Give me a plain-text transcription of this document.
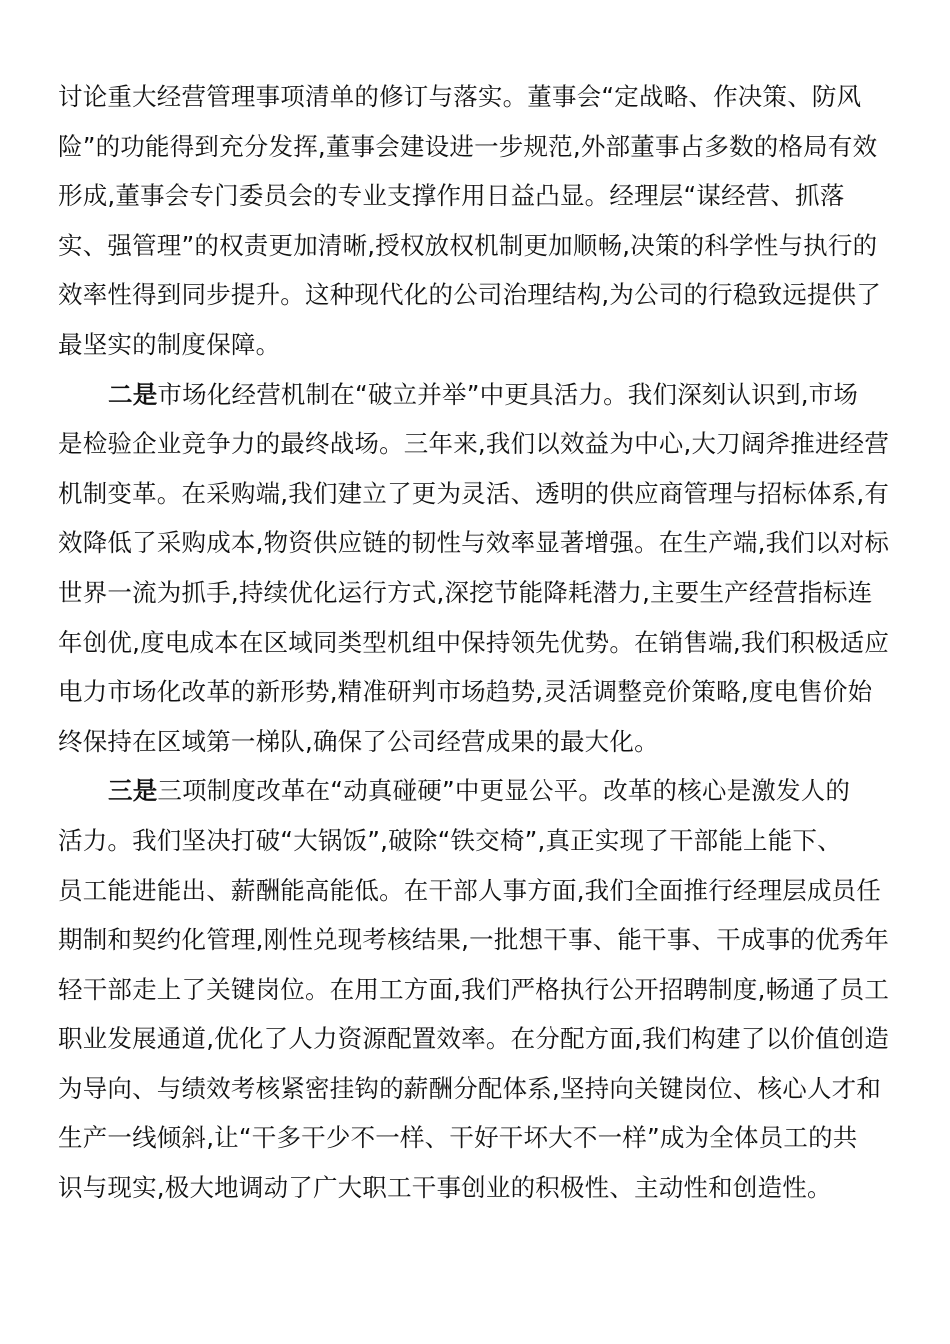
讨论重大经营管理事项清单的修订与落实。董事会“定战略、作决策、防风
险”的功能得到充分发挥,董事会建设进一步规范,外部董事占多数的格局有效
形成,董事会专门委员会的专业支撑作用日益凸显。经理层“谋经营、抓落
实、强管理”的权责更加清晰,授权放权机制更加顺畅,决策的科学性与执行的
效率性得到同步提升。这种现代化的公司治理结构,为公司的行稳致远提供了
最坚实的制度保障。
二是市场化经营机制在“破立并举”中更具活力。我们深刻认识到,市场
是检验企业竞争力的最终战场。三年来,我们以效益为中心,大刀阔斧推进经营
机制变革。在采购端,我们建立了更为灵活、透明的供应商管理与招标体系,有
效降低了采购成本,物资供应链的韧性与效率显著增强。在生产端,我们以对标
世界一流为抓手,持续优化运行方式,深挖节能降耗潜力,主要生产经营指标连
年创优,度电成本在区域同类型机组中保持领先优势。在销售端,我们积极适应
电力市场化改革的新形势,精准研判市场趋势,灵活调整竞价策略,度电售价始
终保持在区域第一梯队,确保了公司经营成果的最大化。
三是三项制度改革在“动真碰硬”中更显公平。改革的核心是激发人的
活力。我们坚决打破“大锅饭”,破除“铁交椅”,真正实现了干部能上能下、
员工能进能出、薪酬能高能低。在干部人事方面,我们全面推行经理层成员任
期制和契约化管理,刚性兑现考核结果,一批想干事、能干事、干成事的优秀年
轻干部走上了关键岗位。在用工方面,我们严格执行公开招聘制度,畅通了员工
职业发展通道,优化了人力资源配置效率。在分配方面,我们构建了以价值创造
为导向、与绩效考核紧密挂钩的薪酬分配体系,坚持向关键岗位、核心人才和
生产一线倾斜,让“干多干少不一样、干好干坏大不一样”成为全体员工的共
识与现实,极大地调动了广大职工干事创业的积极性、主动性和创造性。
